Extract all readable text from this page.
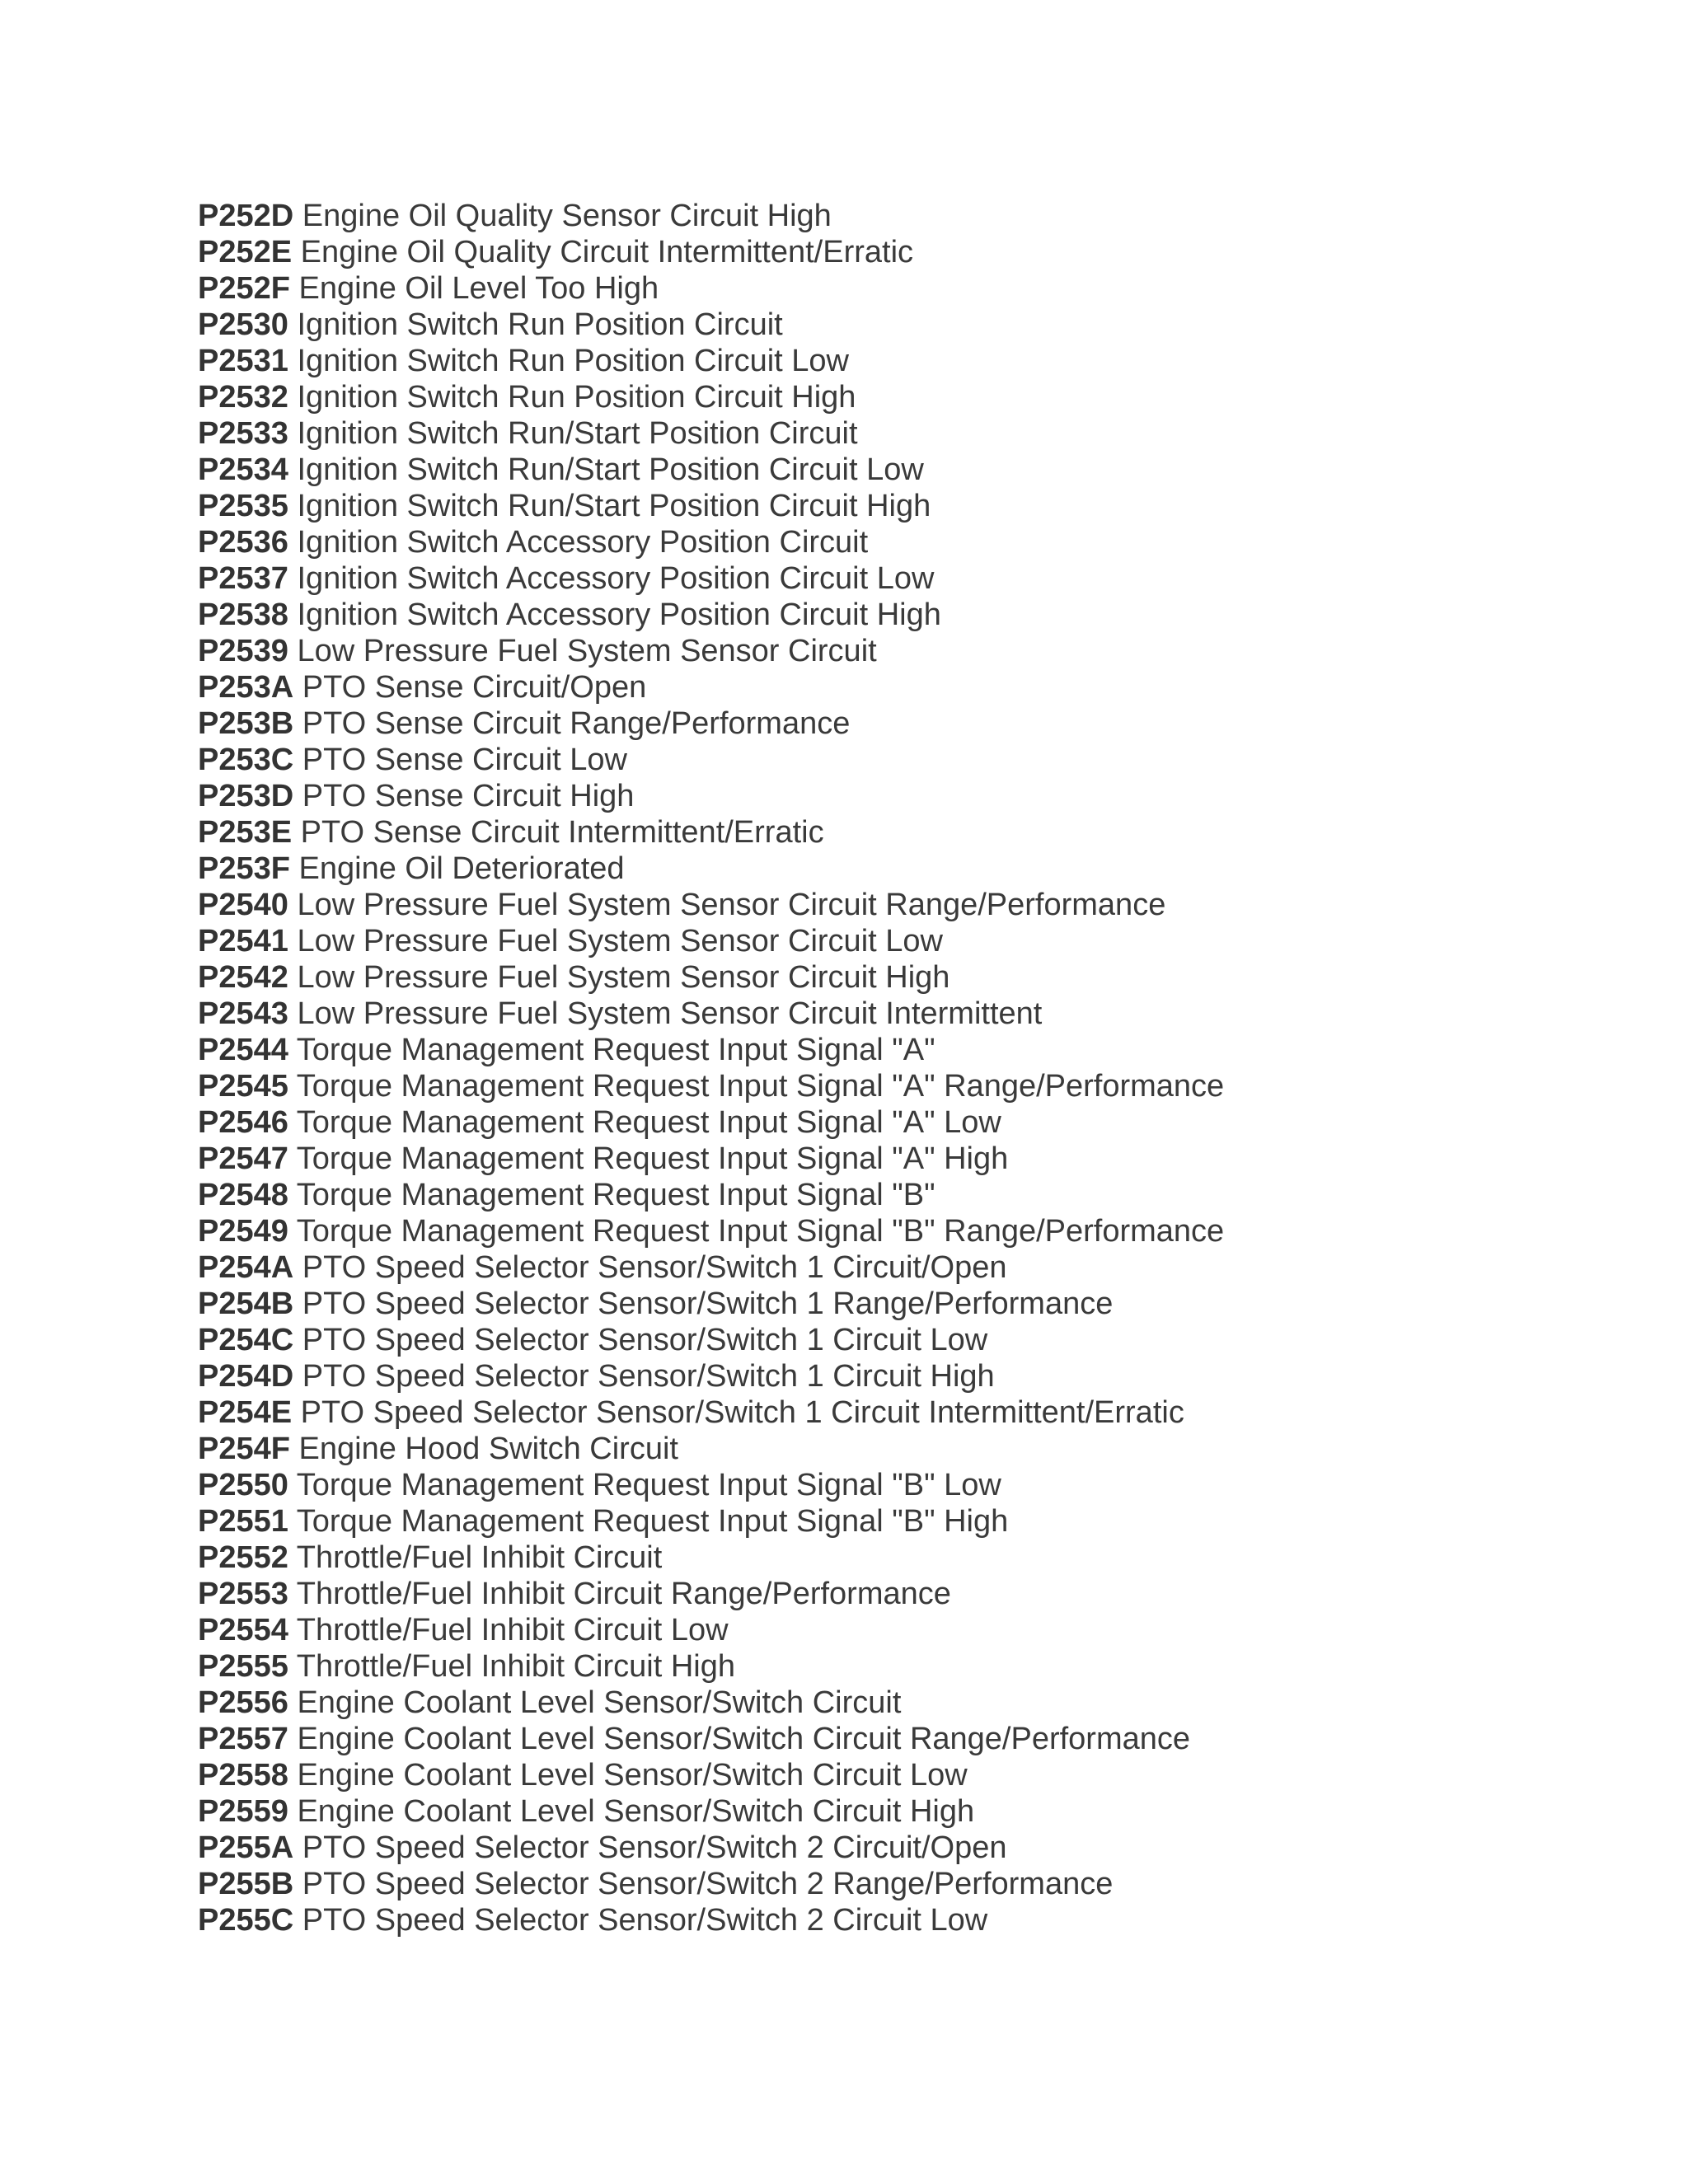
P252D Engine Oil Quality Sensor Circuit High
P252E Engine Oil Quality Circuit Intermittent/Erratic
P252F Engine Oil Level Too High
P2530 Ignition Switch Run Position Circuit
P2531 Ignition Switch Run Position Circuit Low
P2532 Ignition Switch Run Position Circuit High
P2533 Ignition Switch Run/Start Position Circuit
P2534 Ignition Switch Run/Start Position Circuit Low
P2535 Ignition Switch Run/Start Position Circuit High
P2536 Ignition Switch Accessory Position Circuit
P2537 Ignition Switch Accessory Position Circuit Low
P2538 Ignition Switch Accessory Position Circuit High
P2539 Low Pressure Fuel System Sensor Circuit
P253A PTO Sense Circuit/Open
P253B PTO Sense Circuit Range/Performance
P253C PTO Sense Circuit Low
P253D PTO Sense Circuit High
P253E PTO Sense Circuit Intermittent/Erratic
P253F Engine Oil Deteriorated
P2540 Low Pressure Fuel System Sensor Circuit Range/Performance
P2541 Low Pressure Fuel System Sensor Circuit Low
P2542 Low Pressure Fuel System Sensor Circuit High
P2543 Low Pressure Fuel System Sensor Circuit Intermittent
P2544 Torque Management Request Input Signal "A"
P2545 Torque Management Request Input Signal "A" Range/Performance
P2546 Torque Management Request Input Signal "A" Low
P2547 Torque Management Request Input Signal "A" High
P2548 Torque Management Request Input Signal "B"
P2549 Torque Management Request Input Signal "B" Range/Performance
P254A PTO Speed Selector Sensor/Switch 1 Circuit/Open
P254B PTO Speed Selector Sensor/Switch 1 Range/Performance
P254C PTO Speed Selector Sensor/Switch 1 Circuit Low
P254D PTO Speed Selector Sensor/Switch 1 Circuit High
P254E PTO Speed Selector Sensor/Switch 1 Circuit Intermittent/Erratic
P254F Engine Hood Switch Circuit
P2550 Torque Management Request Input Signal "B" Low
P2551 Torque Management Request Input Signal "B" High
P2552 Throttle/Fuel Inhibit Circuit
P2553 Throttle/Fuel Inhibit Circuit Range/Performance
P2554 Throttle/Fuel Inhibit Circuit Low
P2555 Throttle/Fuel Inhibit Circuit High
P2556 Engine Coolant Level Sensor/Switch Circuit
P2557 Engine Coolant Level Sensor/Switch Circuit Range/Performance
P2558 Engine Coolant Level Sensor/Switch Circuit Low
P2559 Engine Coolant Level Sensor/Switch Circuit High
P255A PTO Speed Selector Sensor/Switch 2 Circuit/Open
P255B PTO Speed Selector Sensor/Switch 2 Range/Performance
P255C PTO Speed Selector Sensor/Switch 2 Circuit Low
